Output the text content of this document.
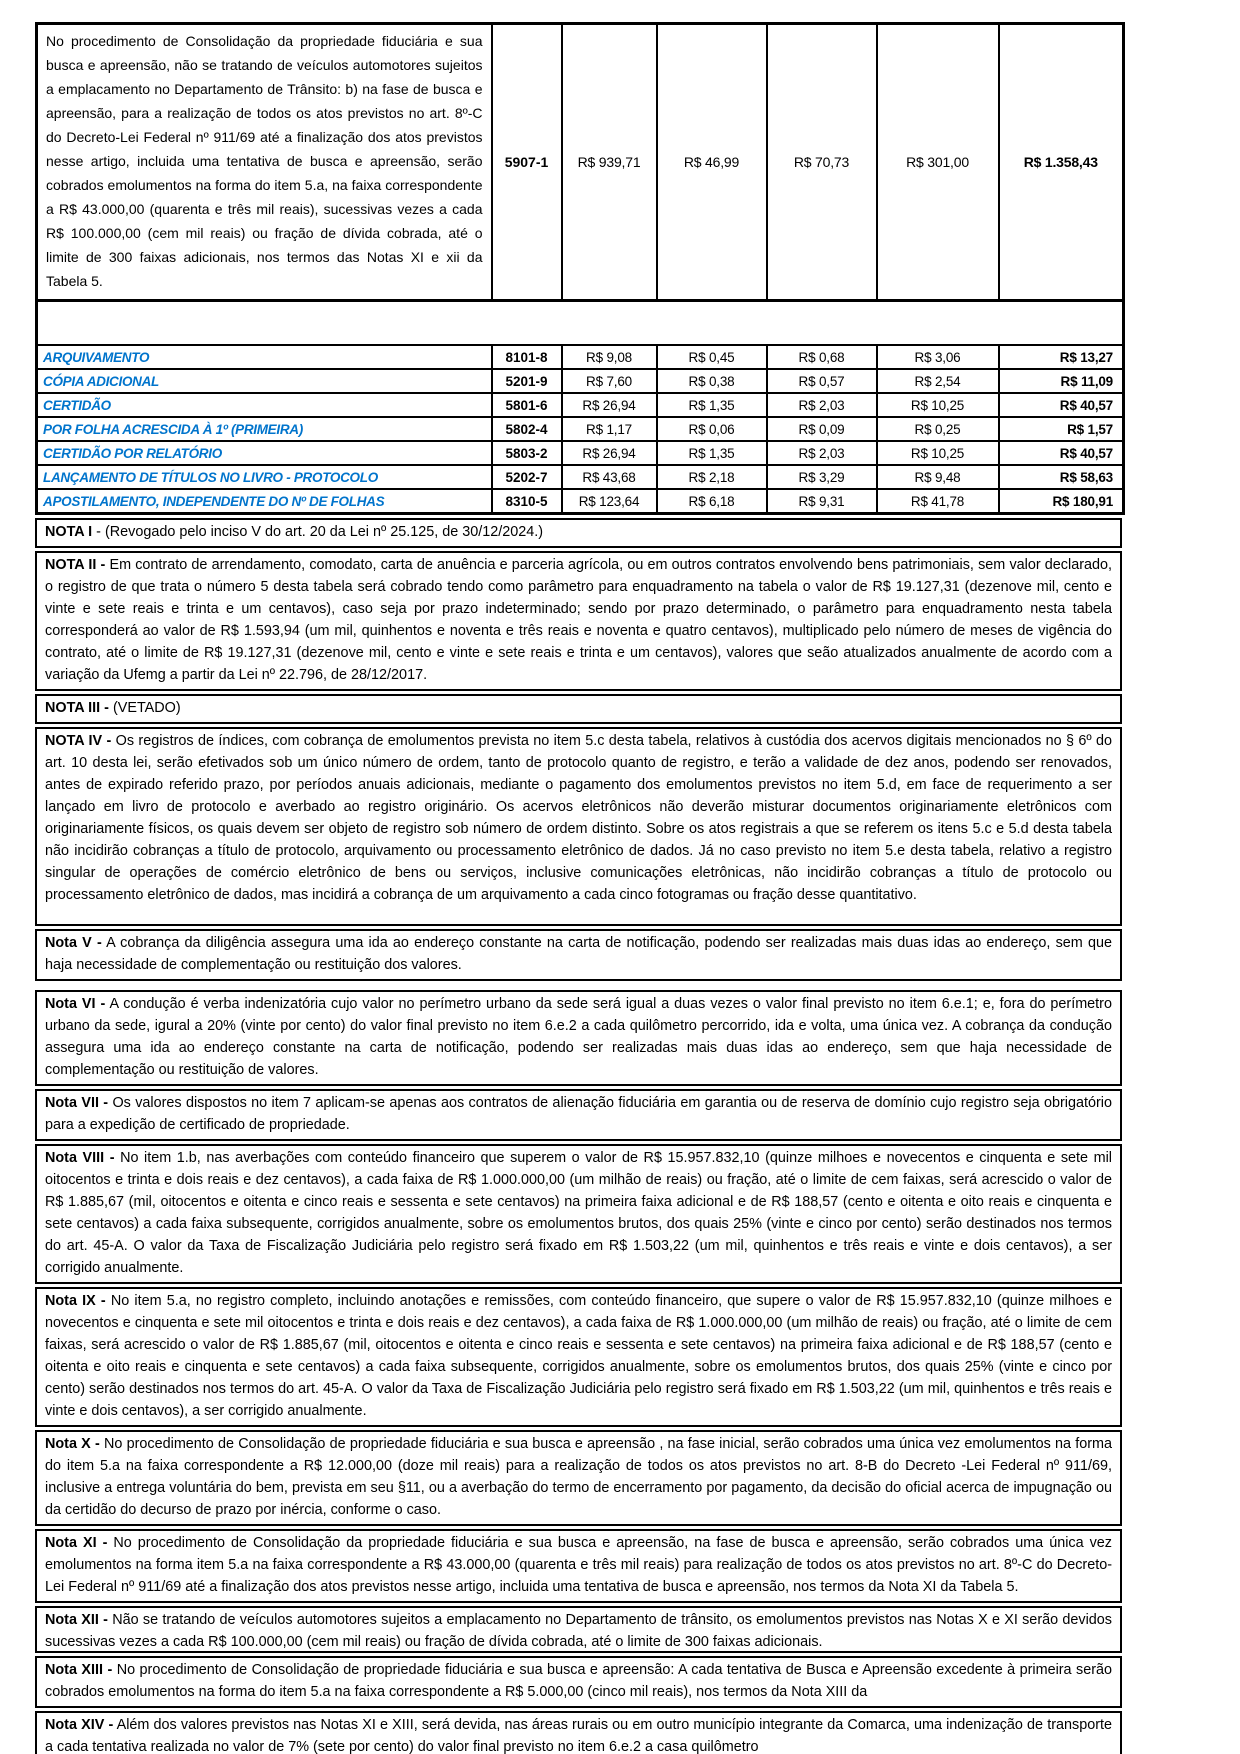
No procedimento de Consolidação da propriedade fiduciária e sua busca e apreensão, não se tratando de veículos automotores sujeitos a emplacamento no Departamento de Trânsito: b) na fase de busca e apreensão, para a realização de todos os atos previstos no art. 8º-C do Decreto-Lei Federal nº 911/69 até a finalização dos atos previstos nesse artigo, incluida uma tentativa de busca e apreensão, serão cobrados emolumentos na forma do item 5.a, na faixa correspondente a R$ 43.000,00 (quarenta e três mil reais), sucessivas vezes a cada R$ 100.000,00 (cem mil reais) ou fração de dívida cobrada, até o limite de 300 faixas adicionais, nos termos das Notas XI e xii da Tabela 5.	5907-1	R$ 939,71	R$ 46,99	R$ 70,73	R$ 301,00	R$ 1.358,43

ARQUIVAMENTO	8101-8	R$ 9,08	R$ 0,45	R$ 0,68	R$ 3,06	R$ 13,27
CÓPIA ADICIONAL	5201-9	R$ 7,60	R$ 0,38	R$ 0,57	R$ 2,54	R$ 11,09
CERTIDÃO	5801-6	R$ 26,94	R$ 1,35	R$ 2,03	R$ 10,25	R$ 40,57
POR FOLHA ACRESCIDA À 1º (PRIMEIRA)	5802-4	R$ 1,17	R$ 0,06	R$ 0,09	R$ 0,25	R$ 1,57
CERTIDÃO POR RELATÓRIO	5803-2	R$ 26,94	R$ 1,35	R$ 2,03	R$ 10,25	R$ 40,57
LANÇAMENTO DE TÍTULOS NO LIVRO - PROTOCOLO	5202-7	R$ 43,68	R$ 2,18	R$ 3,29	R$ 9,48	R$ 58,63
APOSTILAMENTO, INDEPENDENTE DO Nº DE FOLHAS	8310-5	R$ 123,64	R$ 6,18	R$ 9,31	R$ 41,78	R$ 180,91
NOTA I - (Revogado pelo inciso V do art. 20 da Lei nº 25.125, de 30/12/2024.)
NOTA II - Em contrato de arrendamento, comodato, carta de anuência e parceria agrícola, ou em outros contratos envolvendo bens patrimoniais, sem valor declarado, o registro de que trata o número 5 desta tabela será cobrado tendo como parâmetro para enquadramento na tabela o valor de R$ 19.127,31 (dezenove mil, cento e vinte e sete reais e trinta e um centavos), caso seja por prazo indeterminado; sendo por prazo determinado, o parâmetro para enquadramento nesta tabela corresponderá ao valor de R$ 1.593,94 (um mil, quinhentos e noventa e três reais e noventa e quatro centavos), multiplicado pelo número de meses de vigência do contrato, até o limite de R$ 19.127,31 (dezenove mil, cento e vinte e sete reais e trinta e um centavos), valores que seão atualizados anualmente de acordo com a variação da Ufemg a partir da Lei nº 22.796, de 28/12/2017.
NOTA III - (VETADO)
NOTA IV - Os registros de índices, com cobrança de emolumentos prevista no item 5.c desta tabela, relativos à custódia dos acervos digitais mencionados no § 6º do art. 10 desta lei, serão efetivados sob um único número de ordem, tanto de protocolo quanto de registro, e terão a validade de dez anos, podendo ser renovados, antes de expirado referido prazo, por períodos anuais adicionais, mediante o pagamento dos emolumentos previstos no item 5.d, em face de requerimento a ser lançado em livro de protocolo e averbado ao registro originário. Os acervos eletrônicos não deverão misturar documentos originariamente eletrônicos com originariamente físicos, os quais devem ser objeto de registro sob número de ordem distinto. Sobre os atos registrais a que se referem os itens 5.c e 5.d desta tabela não incidirão cobranças a título de protocolo, arquivamento ou processamento eletrônico de dados. Já no caso previsto no item 5.e desta tabela, relativo a registro singular de operações de comércio eletrônico de bens ou serviços, inclusive comunicações eletrônicas, não incidirão cobranças a título de protocolo ou processamento eletrônico de dados, mas incidirá a cobrança de um arquivamento a cada cinco fotogramas ou fração desse quantitativo.
Nota V - A cobrança da diligência assegura uma ida ao endereço constante na carta de notificação, podendo ser realizadas mais duas idas ao endereço, sem que haja necessidade de complementação ou restituição dos valores.
Nota VI - A condução é verba indenizatória cujo valor no perímetro urbano da sede será igual a duas vezes o valor final previsto no item 6.e.1; e, fora do perímetro urbano da sede, igural a 20% (vinte por cento) do valor final previsto no item 6.e.2 a cada quilômetro percorrido, ida e volta, uma única vez. A cobrança da condução assegura uma ida ao endereço constante na carta de notificação, podendo ser realizadas mais duas idas ao endereço, sem que haja necessidade de complementação ou restituição de valores.
Nota VII - Os valores dispostos no item 7 aplicam-se apenas aos contratos de alienação fiduciária em garantia ou de reserva de domínio cujo registro seja obrigatório para a expedição de certificado de propriedade.
Nota VIII - No item 1.b, nas averbações com conteúdo financeiro que superem o valor de R$ 15.957.832,10 (quinze milhoes e novecentos e cinquenta e sete mil oitocentos e trinta e dois reais e dez centavos), a cada faixa de R$ 1.000.000,00 (um milhão de reais) ou fração, até o limite de cem faixas, será acrescido o valor de R$ 1.885,67 (mil, oitocentos e oitenta e cinco reais e sessenta e sete centavos) na primeira faixa adicional e de R$ 188,57 (cento e oitenta e oito reais e cinquenta e sete centavos) a cada faixa subsequente, corrigidos anualmente, sobre os emolumentos brutos, dos quais 25% (vinte e cinco por cento) serão destinados nos termos do art. 45-A. O valor da Taxa de Fiscalização Judiciária pelo registro será fixado em R$ 1.503,22 (um mil, quinhentos e três reais e vinte e dois centavos), a ser corrigido anualmente.
Nota IX - No item 5.a, no registro completo, incluindo anotações e remissões, com conteúdo financeiro, que supere o valor de R$ 15.957.832,10 (quinze milhoes e novecentos e cinquenta e sete mil oitocentos e trinta e dois reais e dez centavos), a cada faixa de R$ 1.000.000,00 (um milhão de reais) ou fração, até o limite de cem faixas, será acrescido o valor de R$ 1.885,67 (mil, oitocentos e oitenta e cinco reais e sessenta e sete centavos) na primeira faixa adicional e de R$ 188,57 (cento e oitenta e oito reais e cinquenta e sete centavos) a cada faixa subsequente, corrigidos anualmente, sobre os emolumentos brutos, dos quais 25% (vinte e cinco por cento) serão destinados nos termos do art. 45-A. O valor da Taxa de Fiscalização Judiciária pelo registro será fixado em R$ 1.503,22 (um mil, quinhentos e três reais e vinte e dois centavos), a ser corrigido anualmente.
Nota X - No procedimento de Consolidação de propriedade fiduciária e sua busca e apreensão , na fase inicial, serão cobrados uma única vez emolumentos na forma do item 5.a na faixa correspondente a R$ 12.000,00 (doze mil reais) para a realização de todos os atos previstos no art. 8-B do Decreto -Lei Federal nº 911/69, inclusive a entrega voluntária do bem, prevista em seu §11, ou a averbação do termo de encerramento por pagamento, da decisão do oficial acerca de impugnação ou da certidão do decurso de prazo por inércia, conforme o caso.
Nota XI - No procedimento de Consolidação da propriedade fiduciária e sua busca e apreensão, na fase de busca e apreensão, serão cobrados uma única vez emolumentos na forma item 5.a na faixa correspondente a R$ 43.000,00 (quarenta e três mil reais) para realização de todos os atos previstos no art. 8º-C do Decreto-Lei Federal nº 911/69 até a finalização dos atos previstos nesse artigo, incluida uma tentativa de busca e apreensão, nos termos da Nota XI da Tabela 5.
Nota XII - Não se tratando de veículos automotores sujeitos a emplacamento no Departamento de trânsito, os emolumentos previstos nas Notas X e XI serão devidos sucessivas vezes a cada R$ 100.000,00 (cem mil reais) ou fração de dívida cobrada, até o limite de 300 faixas adicionais.
Nota XIII - No procedimento de Consolidação de propriedade fiduciária e sua busca e apreensão: A cada tentativa de Busca e Apreensão excedente à primeira serão cobrados emolumentos na forma do item 5.a na faixa correspondente a R$ 5.000,00 (cinco mil reais), nos termos da Nota XIII da
Nota XIV - Além dos valores previstos nas Notas XI e XIII, será devida, nas áreas rurais ou em outro município integrante da Comarca, uma indenização de transporte a cada tentativa realizada no valor de 7% (sete por cento) do valor final previsto no item 6.e.2 a casa quilômetro
